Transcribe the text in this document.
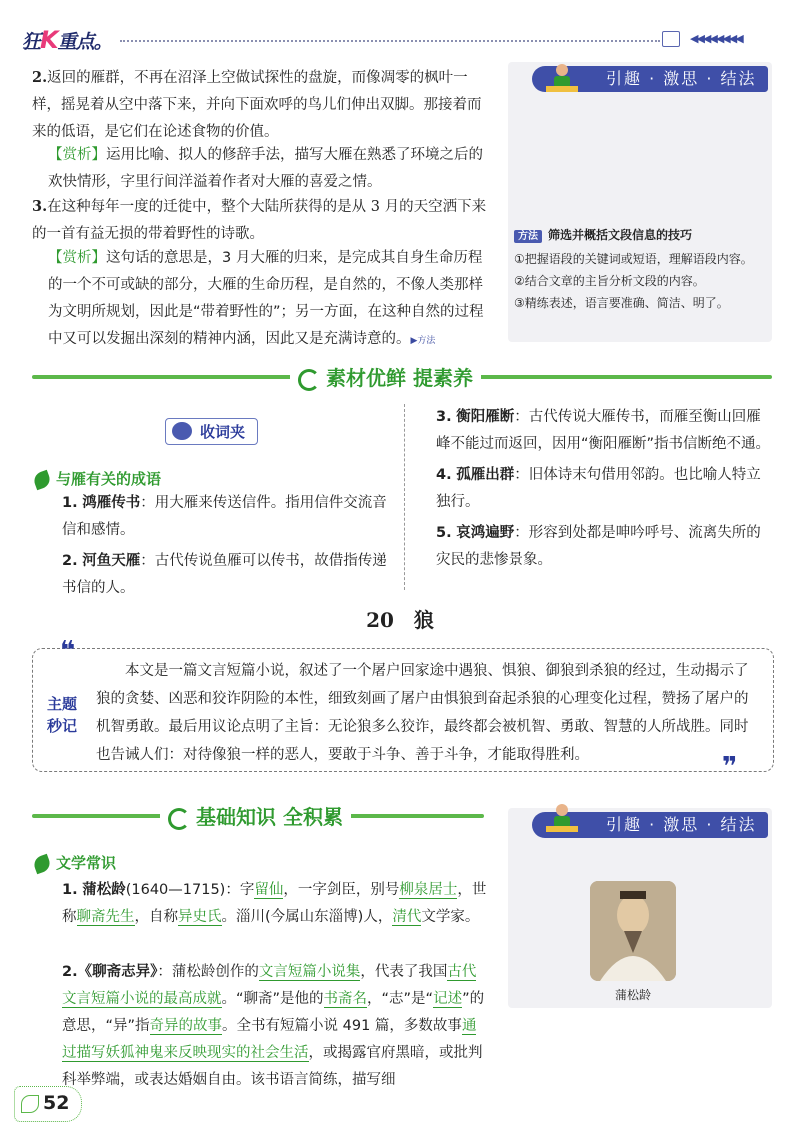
狂K重点。	◀◀◀◀◀◀◀◀
2.返回的雁群，不再在沼泽上空做试探性的盘旋，而像凋零的枫叶一样，摇晃着从空中落下来，并向下面欢呼的鸟儿们伸出双脚。那接着而来的低语，是它们在论述食物的价值。
【赏析】运用比喻、拟人的修辞手法，描写大雁在熟悉了环境之后的欢快情形，字里行间洋溢着作者对大雁的喜爱之情。
3.在这种每年一度的迁徙中，整个大陆所获得的是从 3 月的天空洒下来的一首有益无损的带着野性的诗歌。
【赏析】这句话的意思是，3 月大雁的归来，是完成其自身生命历程的一个不可或缺的部分，大雁的生命历程，是自然的，不像人类那样为文明所规划，因此是“带着野性的”；另一方面，在这种自然的过程中又可以发掘出深刻的精神内涵，因此又是充满诗意的。▶方法
引趣 · 激思 · 结法
方法 筛选并概括文段信息的技巧
①把握语段的关键词或短语，理解语段内容。
②结合文章的主旨分析文段的内容。
③精练表述，语言要准确、简洁、明了。
素材优鲜 提素养
收词夹
与雁有关的成语
1. 鸿雁传书：用大雁来传送信件。指用信件交流音信和感情。
2. 河鱼天雁：古代传说鱼雁可以传书，故借指传递书信的人。
3. 衡阳雁断：古代传说大雁传书，而雁至衡山回雁峰不能过而返回，因用“衡阳雁断”指书信断绝不通。
4. 孤雁出群：旧体诗末句借用邻韵。也比喻人特立独行。
5. 哀鸿遍野：形容到处都是呻吟呼号、流离失所的灾民的悲惨景象。
20　狼
❝
❞
主题
秒记
本文是一篇文言短篇小说，叙述了一个屠户回家途中遇狼、惧狼、御狼到杀狼的经过，生动揭示了狼的贪婪、凶恶和狡诈阴险的本性，细致刻画了屠户由惧狼到奋起杀狼的心理变化过程，赞扬了屠户的机智勇敢。最后用议论点明了主旨：无论狼多么狡诈，最终都会被机智、勇敢、智慧的人所战胜。同时也告诫人们：对待像狼一样的恶人，要敢于斗争、善于斗争，才能取得胜利。
基础知识 全积累	引趣 · 激思 · 结法
蒲松龄
文学常识
1. 蒲松龄(1640—1715)：字留仙，一字剑臣，别号柳泉居士，世称聊斋先生，自称异史氏。淄川(今属山东淄博)人，清代文学家。
2.《聊斋志异》：蒲松龄创作的文言短篇小说集，代表了我国古代文言短篇小说的最高成就。“聊斋”是他的书斋名，“志”是“记述”的意思，“异”指奇异的故事。全书有短篇小说 491 篇，多数故事通过描写妖狐神鬼来反映现实的社会生活，或揭露官府黑暗，或批判科举弊端，或表达婚姻自由。该书语言简练，描写细
52
